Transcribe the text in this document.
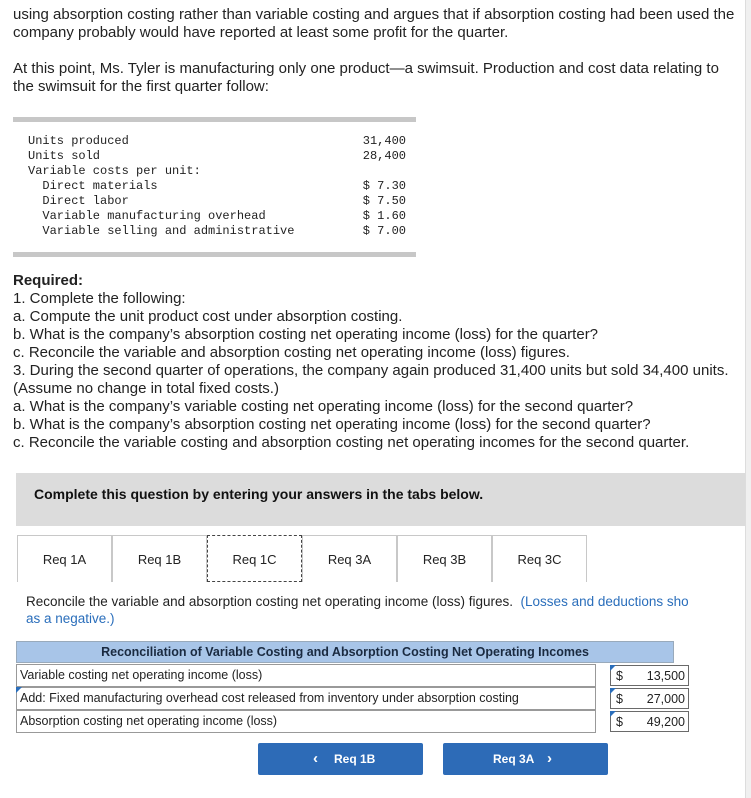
using absorption costing rather than variable costing and argues that if absorption costing had been used the company probably would have reported at least some profit for the quarter.

At this point, Ms. Tyler is manufacturing only one product—a swimsuit. Production and cost data relating to the swimsuit for the first quarter follow:

Units produced	31,400
Units sold	28,400
Variable costs per unit:
Direct materials	$ 7.30
Direct labor	$ 7.50
Variable manufacturing overhead	$ 1.60
Variable selling and administrative	$ 7.00
Required:
1. Complete the following:
a. Compute the unit product cost under absorption costing.
b. What is the company’s absorption costing net operating income (loss) for the quarter?
c. Reconcile the variable and absorption costing net operating income (loss) figures.
3. During the second quarter of operations, the company again produced 31,400 units but sold 34,400 units. (Assume no change in total fixed costs.)
a. What is the company’s variable costing net operating income (loss) for the second quarter?
b. What is the company’s absorption costing net operating income (loss) for the second quarter?
c. Reconcile the variable costing and absorption costing net operating incomes for the second quarter.
Complete this question by entering your answers in the tabs below.
Req 1A	Req 1B	Req 1C	Req 3A	Req 3B	Req 3C
Reconcile the variable and absorption costing net operating income (loss) figures. (Losses and deductions sho
as a negative.)
Reconciliation of Variable Costing and Absorption Costing Net Operating Incomes
Variable costing net operating income (loss)	$ 13,500
Add: Fixed manufacturing overhead cost released from inventory under absorption costing	$ 27,000
Absorption costing net operating income (loss)	$ 49,200
‹ Req 1B	Req 3A ›
